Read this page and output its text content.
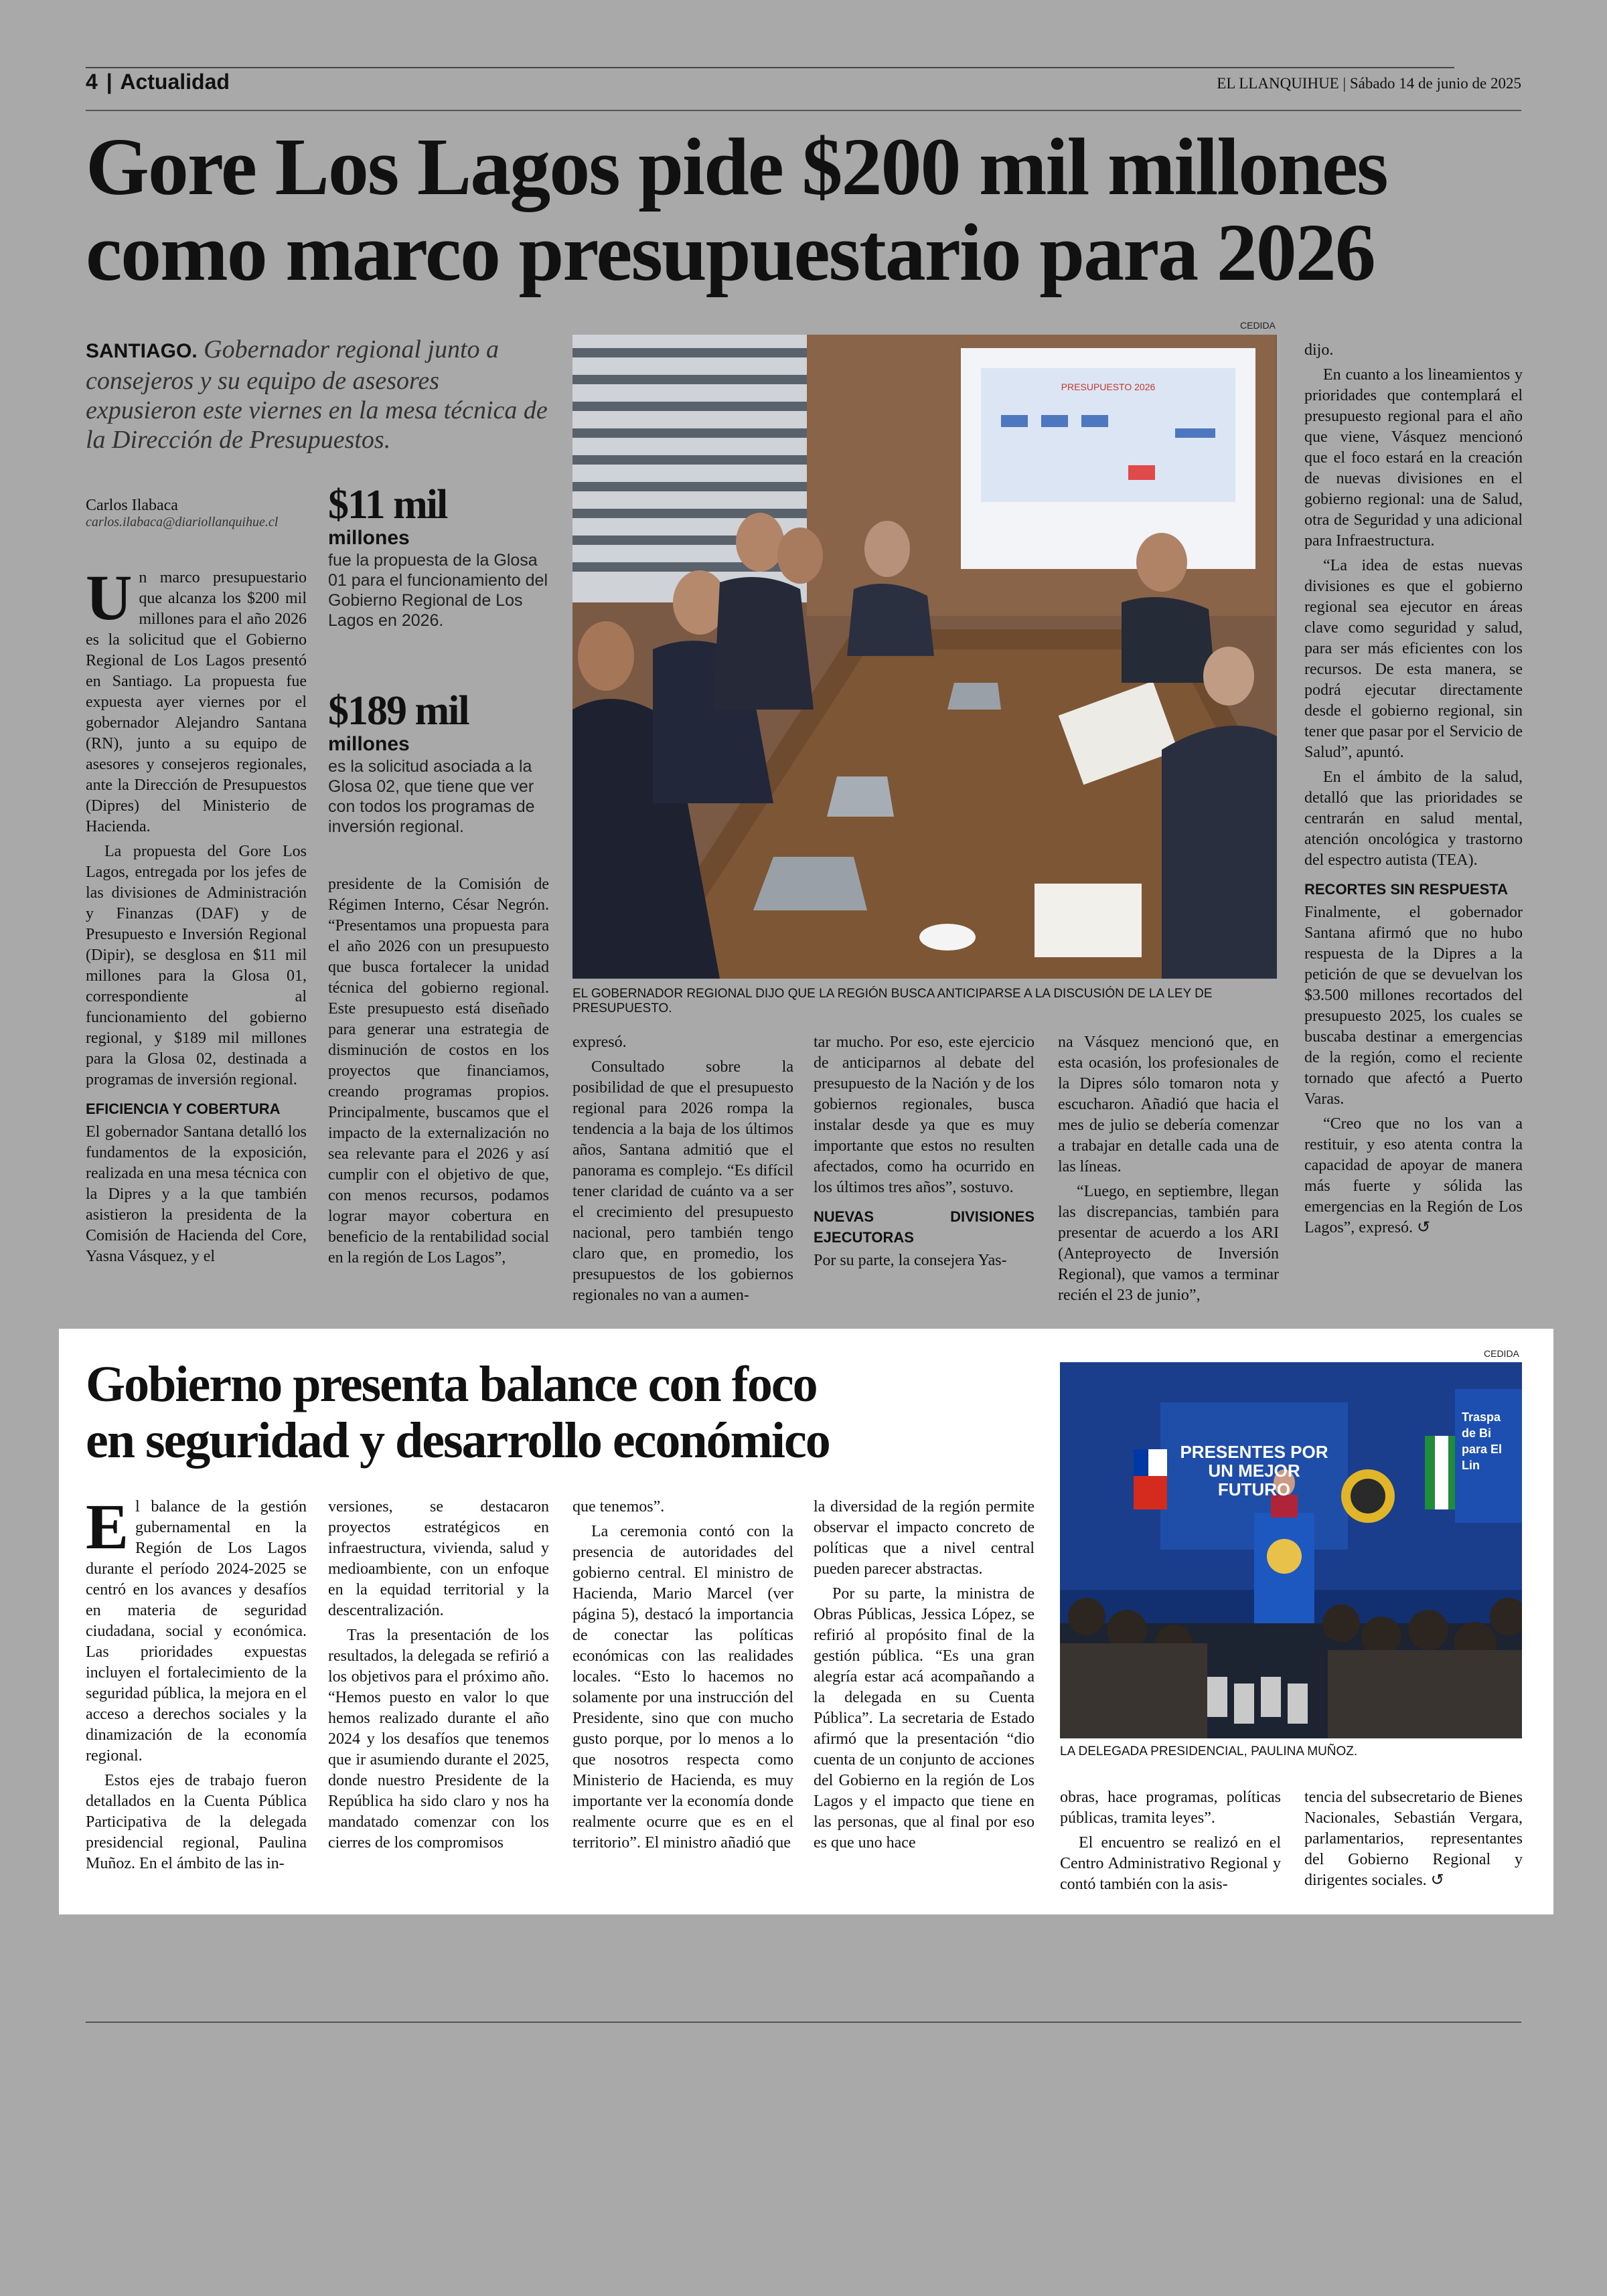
4 | Actualidad	EL LLANQUIHUE | Sábado 14 de junio de 2025
Gore Los Lagos pide $200 mil millones
como marco presupuestario para 2026
SANTIAGO. Gobernador regional junto a consejeros y su equipo de asesores expusieron este viernes en la mesa técnica de la Dirección de Presupuestos.
Carlos Ilabaca
carlos.ilabaca@diariollanquihue.cl	$11 mil
millones
fue la propuesta de la Glosa 01 para el funcionamiento del Gobierno Regional de Los Lagos en 2026.
$189 mil
millones
es la solicitud asociada a la Glosa 02, que tiene que ver con todos los programas de inversión regional.

Un marco presupuestario que alcanza los $200 mil millones para el año 2026 es la solicitud que el Gobierno Regional de Los Lagos presentó en Santiago. La propuesta fue expuesta ayer viernes por el gobernador Alejandro Santana (RN), junto a su equipo de asesores y consejeros regionales, ante la Dirección de Presupuestos (Dipres) del Ministerio de Hacienda.

La propuesta del Gore Los Lagos, entregada por los jefes de las divisiones de Administración y Finanzas (DAF) y de Presupuesto e Inversión Regional (Dipir), se desglosa en $11 mil millones para la Glosa 01, correspondiente al funcionamiento del gobierno regional, y $189 mil millones para la Glosa 02, destinada a programas de inversión regional.

EFICIENCIA Y COBERTURA

El gobernador Santana detalló los fundamentos de la exposición, realizada en una mesa técnica con la Dipres y a la que también asistieron la presidenta de la Comisión de Hacienda del Core, Yasna Vásquez, y el

presidente de la Comisión de Régimen Interno, César Negrón. “Presentamos una propuesta para el año 2026 con un presupuesto que busca fortalecer la unidad técnica del gobierno regional. Este presupuesto está diseñado para generar una estrategia de disminución de costos en los proyectos que financiamos, creando programas propios. Principalmente, buscamos que el impacto de la externalización no sea relevante para el 2026 y así cumplir con el objetivo de que, con menos recursos, podamos lograr mayor cobertura en beneficio de la rentabilidad social en la región de Los Lagos”,

CEDIDA
PRESUPUESTO 2026
EL GOBERNADOR REGIONAL DIJO QUE LA REGIÓN BUSCA ANTICIPARSE A LA DISCUSIÓN DE LA LEY DE PRESUPUESTO.

expresó.

Consultado sobre la posibilidad de que el presupuesto regional para 2026 rompa la tendencia a la baja de los últimos años, Santana admitió que el panorama es complejo. “Es difícil tener claridad de cuánto va a ser el crecimiento del presupuesto nacional, pero también tengo claro que, en promedio, los presupuestos de los gobiernos regionales no van a aumen-

tar mucho. Por eso, este ejercicio de anticiparnos al debate del presupuesto de la Nación y de los gobiernos regionales, busca instalar desde ya que es muy importante que estos no resulten afectados, como ha ocurrido en los últimos tres años”, sostuvo.

NUEVAS DIVISIONES EJECUTORAS

Por su parte, la consejera Yas-

na Vásquez mencionó que, en esta ocasión, los profesionales de la Dipres sólo tomaron nota y escucharon. Añadió que hacia el mes de julio se debería comenzar a trabajar en detalle cada una de las líneas.

“Luego, en septiembre, llegan las discrepancias, también para presentar de acuerdo a los ARI (Anteproyecto de Inversión Regional), que vamos a terminar recién el 23 de junio”,

dijo.

En cuanto a los lineamientos y prioridades que contemplará el presupuesto regional para el año que viene, Vásquez mencionó que el foco estará en la creación de nuevas divisiones en el gobierno regional: una de Salud, otra de Seguridad y una adicional para Infraestructura.

“La idea de estas nuevas divisiones es que el gobierno regional sea ejecutor en áreas clave como seguridad y salud, para ser más eficientes con los recursos. De esta manera, se podrá ejecutar directamente desde el gobierno regional, sin tener que pasar por el Servicio de Salud”, apuntó.

En el ámbito de la salud, detalló que las prioridades se centrarán en salud mental, atención oncológica y trastorno del espectro autista (TEA).

RECORTES SIN RESPUESTA

Finalmente, el gobernador Santana afirmó que no hubo respuesta de la Dipres a la petición de que se devuelvan los $3.500 millones recortados del presupuesto 2025, los cuales se buscaba destinar a emergencias de la región, como el reciente tornado que afectó a Puerto Varas.

“Creo que no los van a restituir, y eso atenta contra la capacidad de apoyar de manera más fuerte y sólida las emergencias en la Región de Los Lagos”, expresó. ↺

Gobierno presenta balance con foco
en seguridad y desarrollo económico
CEDIDA
PRESENTES POR
UN MEJOR FUTURO
Traspa de Bi para El Lin
LA DELEGADA PRESIDENCIAL, PAULINA MUÑOZ.

El balance de la gestión gubernamental en la Región de Los Lagos durante el período 2024-2025 se centró en los avances y desafíos en materia de seguridad ciudadana, social y económica. Las prioridades expuestas incluyen el fortalecimiento de la seguridad pública, la mejora en el acceso a derechos sociales y la dinamización de la economía regional.

Estos ejes de trabajo fueron detallados en la Cuenta Pública Participativa de la delegada presidencial regional, Paulina Muñoz. En el ámbito de las in-

versiones, se destacaron proyectos estratégicos en infraestructura, vivienda, salud y medioambiente, con un enfoque en la equidad territorial y la descentralización.

Tras la presentación de los resultados, la delegada se refirió a los objetivos para el próximo año. “Hemos puesto en valor lo que hemos realizado durante el año 2024 y los desafíos que tenemos que ir asumiendo durante el 2025, donde nuestro Presidente de la República ha sido claro y nos ha mandatado comenzar con los cierres de los compromisos

que tenemos”.

La ceremonia contó con la presencia de autoridades del gobierno central. El ministro de Hacienda, Mario Marcel (ver página 5), destacó la importancia de conectar las políticas económicas con las realidades locales. “Esto lo hacemos no solamente por una instrucción del Presidente, sino que con mucho gusto porque, por lo menos a lo que nosotros respecta como Ministerio de Hacienda, es muy importante ver la economía donde realmente ocurre que es en el territorio”. El ministro añadió que

la diversidad de la región permite observar el impacto concreto de políticas que a nivel central pueden parecer abstractas.

Por su parte, la ministra de Obras Públicas, Jessica López, se refirió al propósito final de la gestión pública. “Es una gran alegría estar acá acompañando a la delegada en su Cuenta Pública”. La secretaria de Estado afirmó que la presentación “dio cuenta de un conjunto de acciones del Gobierno en la región de Los Lagos y el impacto que tiene en las personas, que al final por eso es que uno hace

obras, hace programas, políticas públicas, tramita leyes”.

El encuentro se realizó en el Centro Administrativo Regional y contó también con la asis-

tencia del subsecretario de Bienes Nacionales, Sebastián Vergara, parlamentarios, representantes del Gobierno Regional y dirigentes sociales. ↺
